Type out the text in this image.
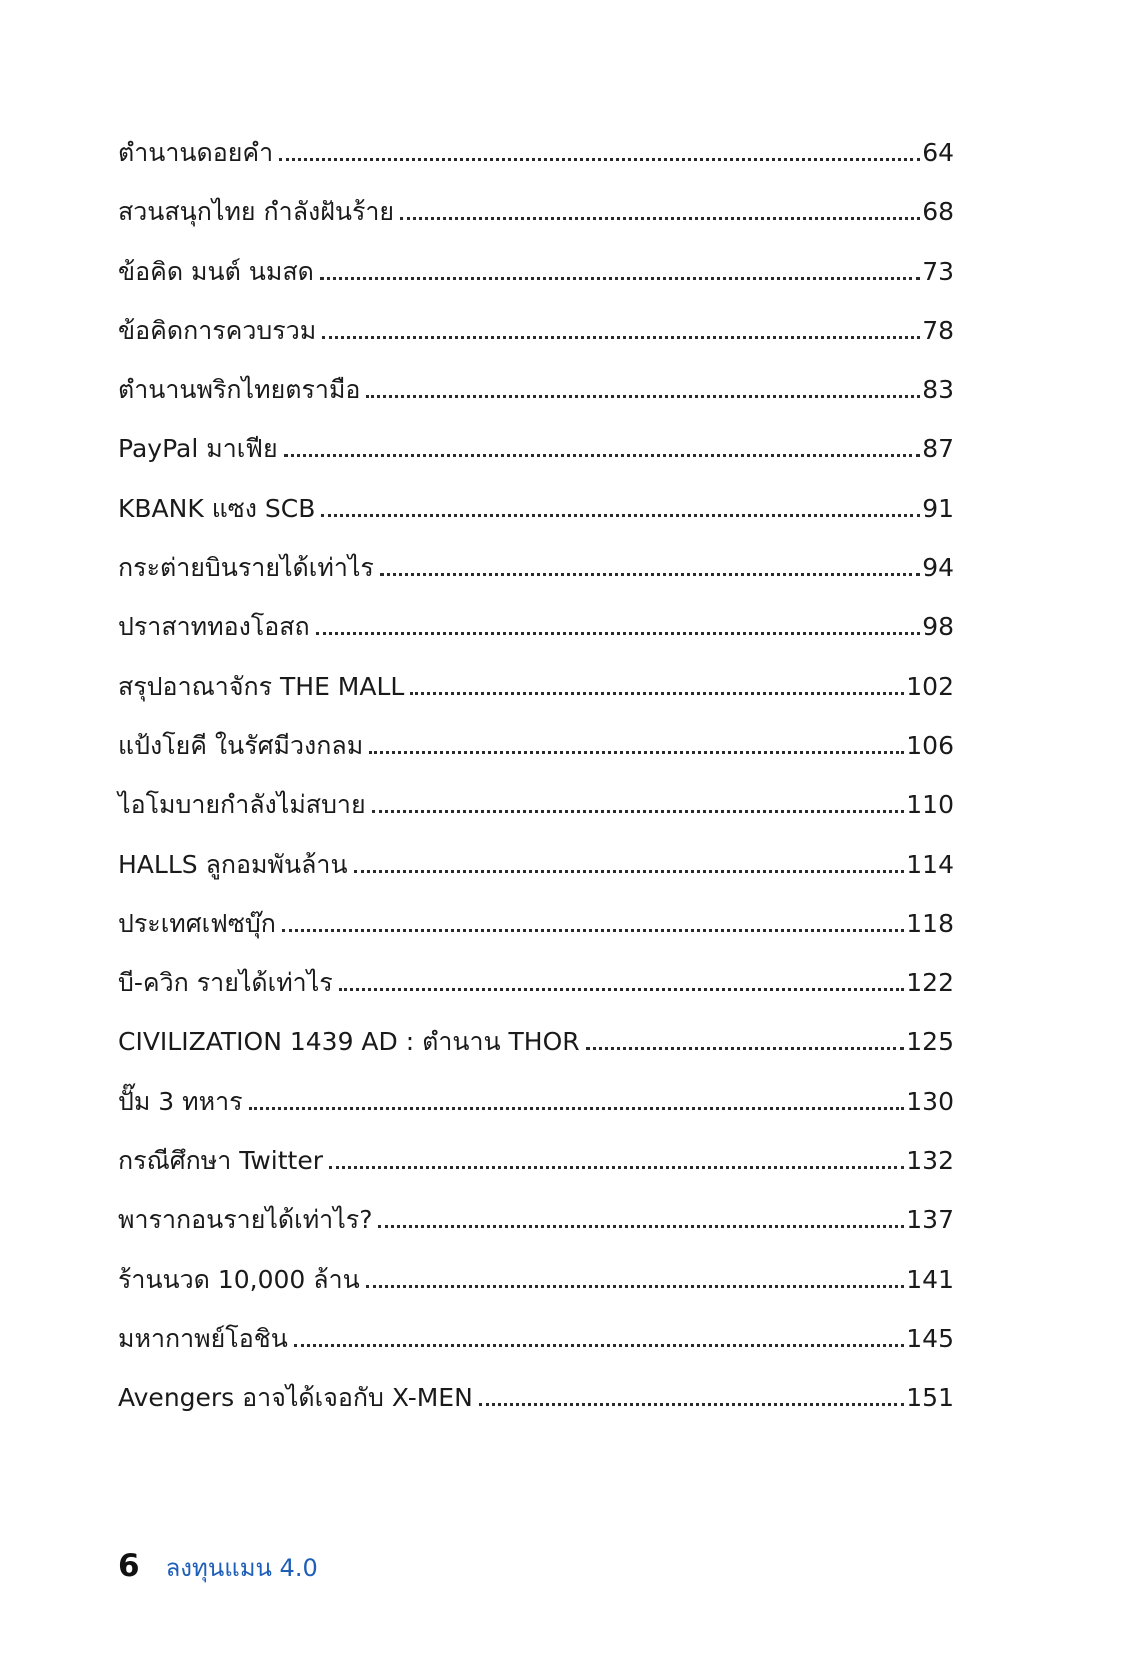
ตำนานดอยคำ	64
สวนสนุกไทย กำลังฝันร้าย	68
ข้อคิด มนต์ นมสด	73
ข้อคิดการควบรวม	78
ตำนานพริกไทยตรามือ	83
PayPal มาเฟีย	87
KBANK แซง SCB	91
กระต่ายบินรายได้เท่าไร	94
ปราสาททองโอสถ	98
สรุปอาณาจักร THE MALL	102
แป้งโยคี ในรัศมีวงกลม	106
ไอโมบายกำลังไม่สบาย	110
HALLS ลูกอมพันล้าน	114
ประเทศเฟซบุ๊ก	118
บี-ควิก รายได้เท่าไร	122
CIVILIZATION 1439 AD : ตำนาน THOR	125
ปั๊ม 3 ทหาร	130
กรณีศึกษา Twitter	132
พารากอนรายได้เท่าไร?	137
ร้านนวด 10,000 ล้าน	141
มหากาพย์โอชิน	145
Avengers อาจได้เจอกับ X-MEN	151
6 ลงทุนแมน 4.0
